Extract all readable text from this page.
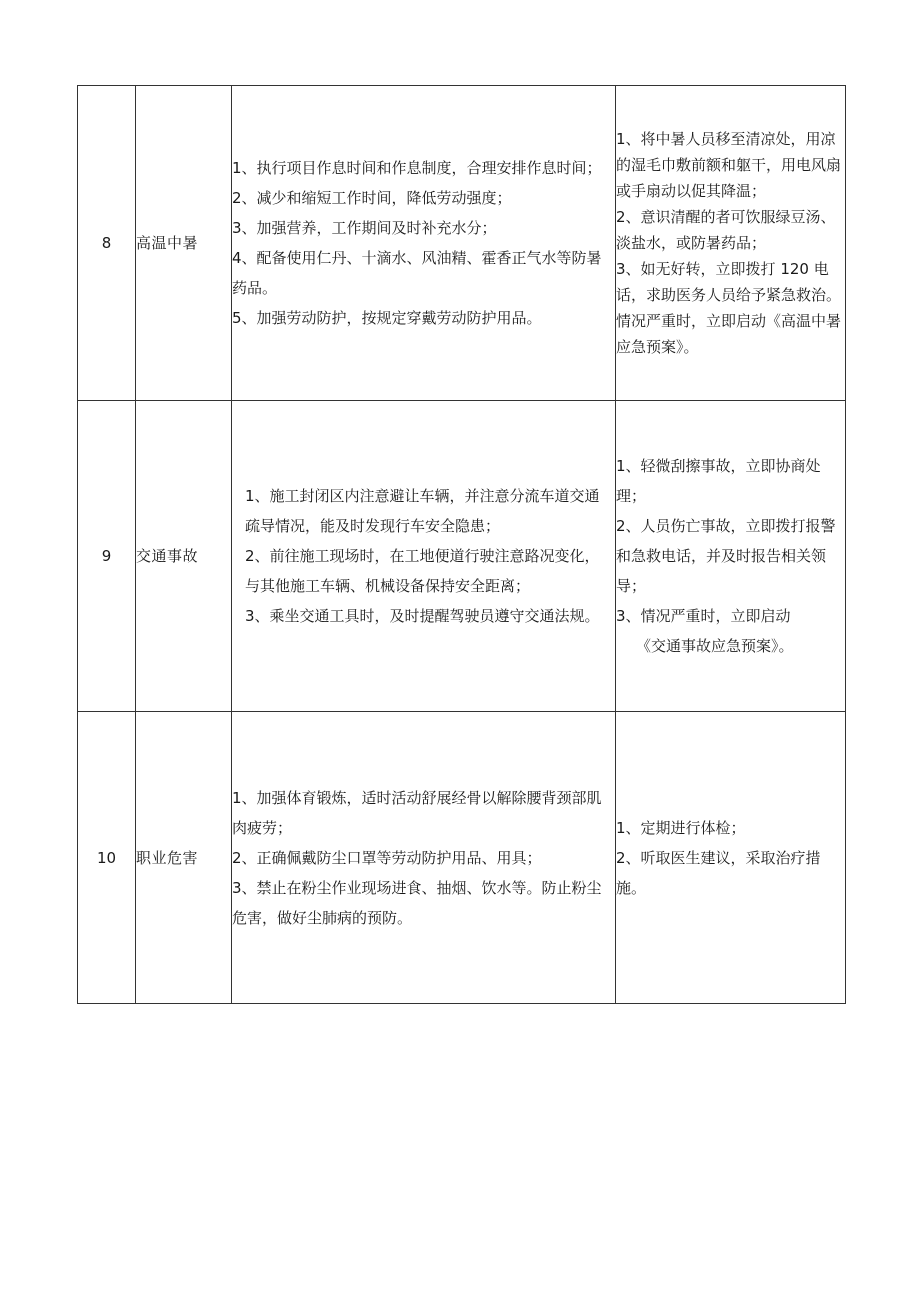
8	高温中暑	1、执行项目作息时间和作息制度，合理安排作息时间；
2、减少和缩短工作时间，降低劳动强度；
3、加强营养，工作期间及时补充水分；
4、配备使用仁丹、十滴水、风油精、霍香正气水等防暑药品。
5、加强劳动防护，按规定穿戴劳动防护用品。	1、将中暑人员移至清凉处，用凉的湿毛巾敷前额和躯干，用电风扇或手扇动以促其降温；
2、意识清醒的者可饮服绿豆汤、淡盐水，或防暑药品；
3、如无好转，立即拨打 120 电话，求助医务人员给予紧急救治。情况严重时，立即启动《高温中暑应急预案》。

9	交通事故	1、施工封闭区内注意避让车辆，并注意分流车道交通疏导情况，能及时发现行车安全隐患；
2、前往施工现场时，在工地便道行驶注意路况变化，与其他施工车辆、机械设备保持安全距离；
3、乘坐交通工具时，及时提醒驾驶员遵守交通法规。	1、轻微刮擦事故，立即协商处理；
2、人员伤亡事故，立即拨打报警和急救电话，并及时报告相关领导；
3、情况严重时，立即启动
《交通事故应急预案》。

10	职业危害	1、加强体育锻炼，适时活动舒展经骨以解除腰背颈部肌肉疲劳；
2、正确佩戴防尘口罩等劳动防护用品、用具；
3、禁止在粉尘作业现场进食、抽烟、饮水等。防止粉尘危害，做好尘肺病的预防。	1、定期进行体检；
2、听取医生建议，采取治疗措施。
